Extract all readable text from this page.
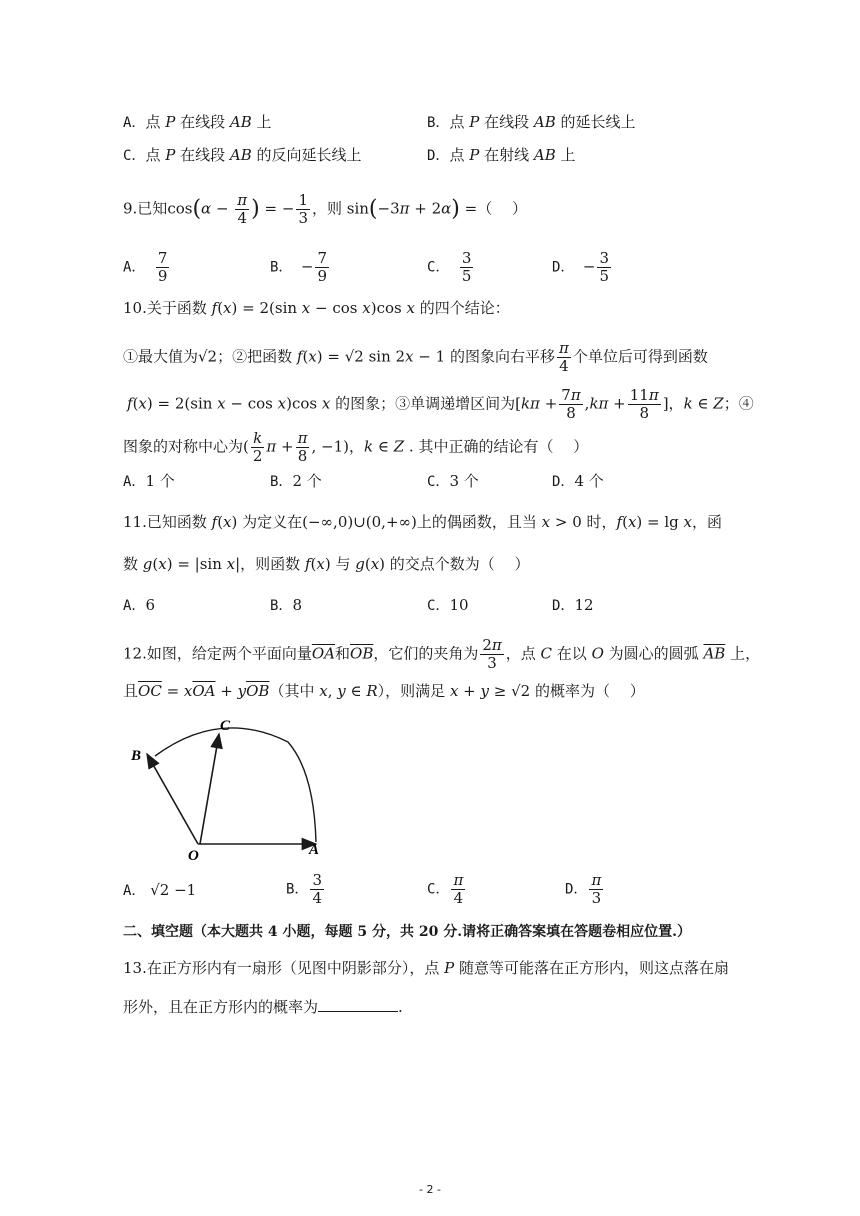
A．点 P 在线段 AB 上	B．点 P 在线段 AB 的延长线上
C．点 P 在线段 AB 的反向延长线上	D．点 P 在射线 AB 上
9.已知$\cos(\alpha - \frac{\pi}{4}$ ) = − $\frac{1}{3}$ ，则 sin(−3π + 2α) =（　 ）
A． $\frac{7}{9}$	B． − $\frac{7}{9}$	C． $\frac{3}{5}$	D． − $\frac{3}{5}$
10.关于函数 f(x) = 2(sin x − cos x)cos x 的四个结论：
①最大值为√2；②把函数 f(x) = √2 sin 2x − 1 的图象向右平移 $\frac{\pi}{4}$ 个单位后可得到函数
f(x) = 2(sin x − cos x)cos x 的图象；③单调递增区间为[$k\pi + \frac{7\pi}{8} ,k\pi + \frac{11\pi}{8}$ ]，k ∈ Z；④
图象的对称中心为( $\frac{k}{2}$ $\pi + \frac{\pi}{8}$ , −1)，k ∈ Z . 其中正确的结论有（　 ）
A．1 个	B．2 个	C．3 个	D．4 个
11.已知函数 f(x) 为定义在(−∞,0)∪(0,+∞)上的偶函数，且当 x > 0 时，f(x) = lg x，函
数 g(x) = |sin x|，则函数 f(x) 与 g(x) 的交点个数为（　 ）
A．6	B．8	C．10	D．12
12.如图，给定两个平面向量$\overline{OA}$和$\overline{OB}$，它们的夹角为 $\frac{2\pi}{3}$ ，点 C 在以 O 为圆心的圆弧 $\overline{AB}$ 上，
且$\overline{OC} = x\overline{OA} + y\overline{OB}$（其中 x, y ∈ R），则满足 x + y ≥ √2 的概率为（　 ）
B
C
O	A
A． √2 −1	B． $\frac{3}{4}$	C． $\frac{\pi}{4}$	D． $\frac{\pi}{3}$
二、填空题（本大题共 4 小题，每题 5 分，共 20 分.请将正确答案填在答题卷相应位置.）
13.在正方形内有一扇形（见图中阴影部分），点 P 随意等可能落在正方形内，则这点落在扇
形外，且在正方形内的概率为	.
- 2 -
